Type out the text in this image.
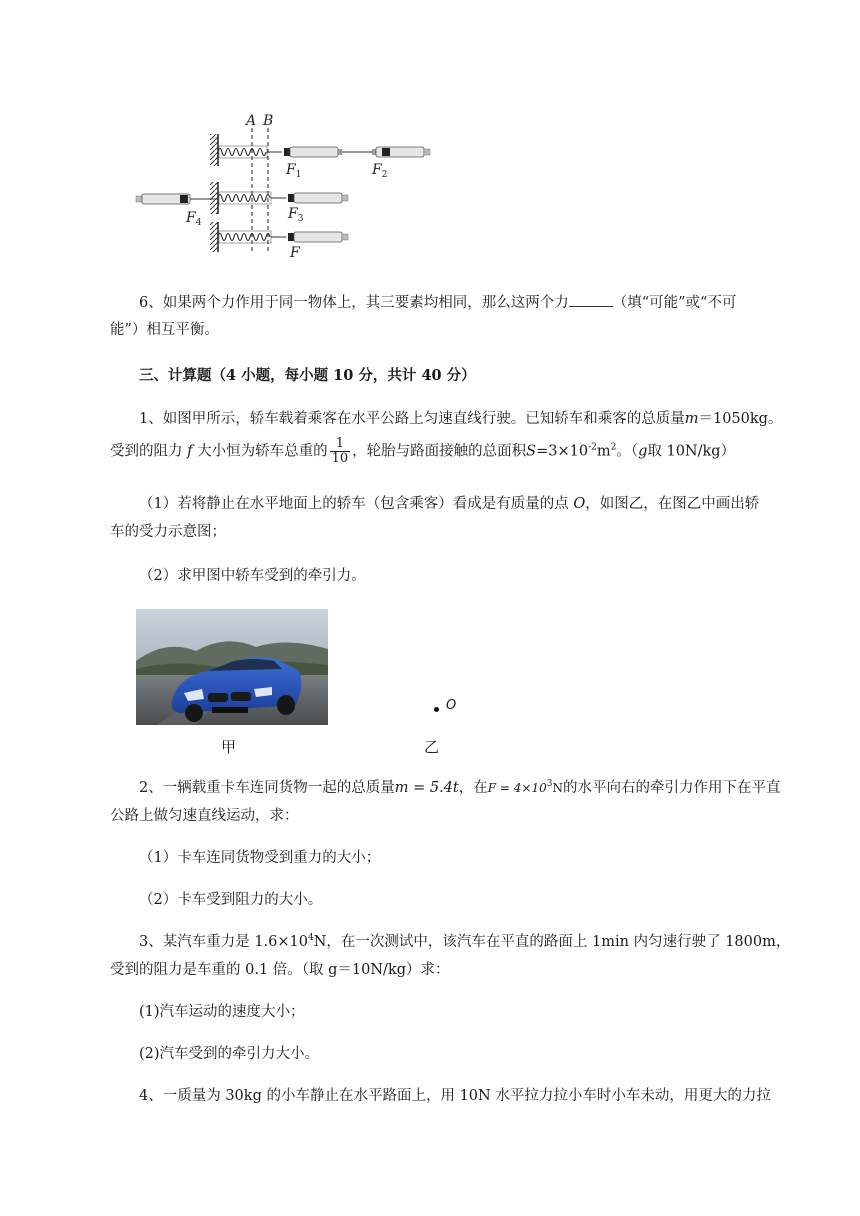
A B
$F_1$	$F_2$
$F_4$
$F_3$
F
6、如果两个力作用于同一物体上，其三要素均相同，那么这两个力	（填“可能”或“不可

能”）相互平衡。
三、计算题（4 小题，每小题 10 分，共计 40 分）
1、如图甲所示，轿车载着乘客在水平公路上匀速直线行驶。已知轿车和乘客的总质量m＝1050kg。
受到的阻力 f 大小恒为轿车总重的 $\frac{1}{10}$ ，轮胎与路面接触的总面积$S=3\times 10^{-2}m^2$。（g取 10N/kg）
（1）若将静止在水平地面上的轿车（包含乘客）看成是有质量的点 O，如图乙，在图乙中画出轿
车的受力示意图；
（2）求甲图中轿车受到的牵引力。
甲
O
乙
2、一辆载重卡车连同货物一起的总质量m = 5.4t，在$F = 4\times 10^3N$的水平向右的牵引力作用下在平直
公路上做匀速直线运动，求：
（1）卡车连同货物受到重力的大小；
（2）卡车受到阻力的大小。
3、某汽车重力是 $1.6\times 10^4N$，在一次测试中，该汽车在平直的路面上 1min 内匀速行驶了 1800m，
受到的阻力是车重的 0.1 倍。（取 g＝10N/kg）求：
(1)汽车运动的速度大小；
(2)汽车受到的牵引力大小。
4、一质量为 30kg 的小车静止在水平路面上，用 10N 水平拉力拉小车时小车未动，用更大的力拉
